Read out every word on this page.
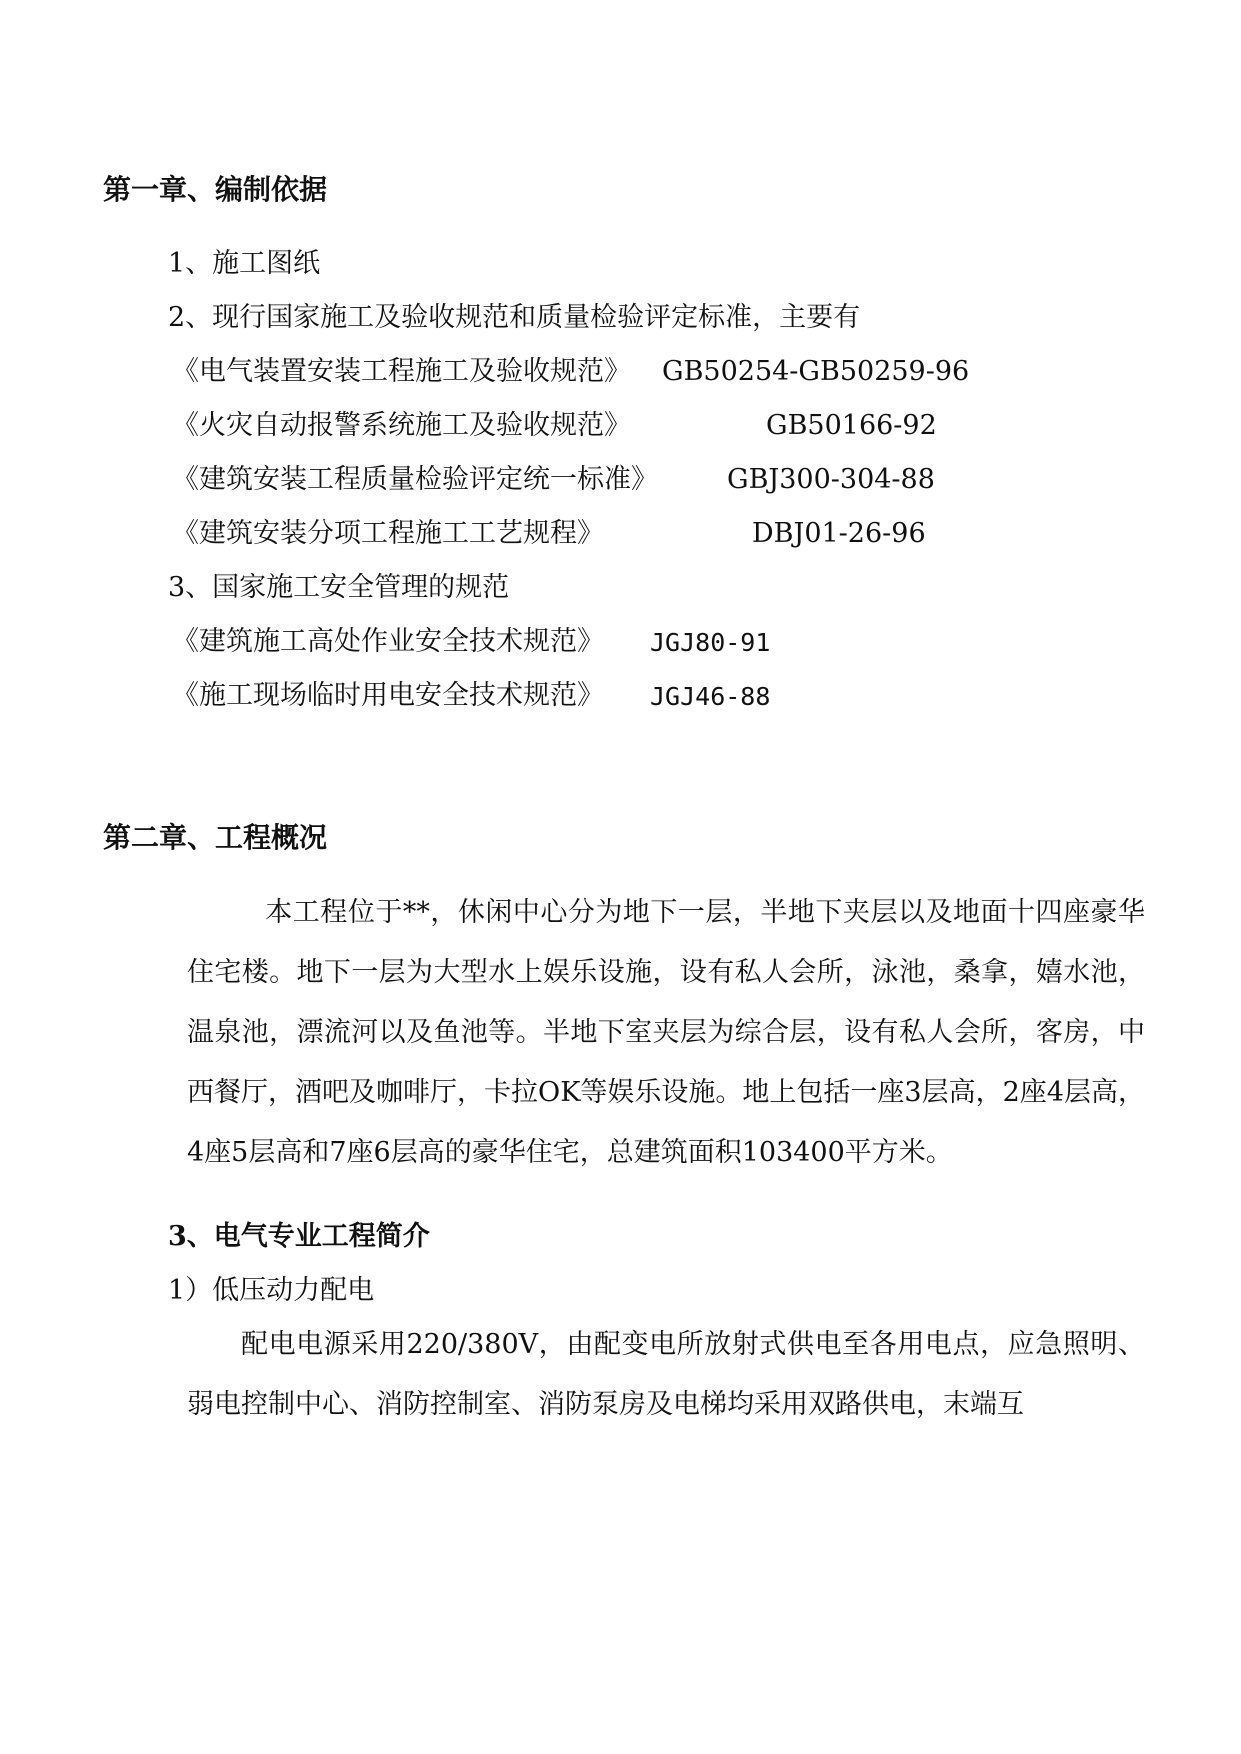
第一章、编制依据
1、施工图纸
2、现行国家施工及验收规范和质量检验评定标准，主要有
《电气装置安装工程施工及验收规范》 GB50254-GB50259-96
《火灾自动报警系统施工及验收规范》	GB50166-92
《建筑安装工程质量检验评定统一标准》	GBJ300-304-88
《建筑安装分项工程施工工艺规程》	DBJ01-26-96
3、国家施工安全管理的规范
《建筑施工高处作业安全技术规范》 JGJ80-91
《施工现场临时用电安全技术规范》 JGJ46-88
第二章、工程概况

本工程位于**，休闲中心分为地下一层，半地下夹层以及地面十四座豪华住宅楼。地下一层为大型水上娱乐设施，设有私人会所，泳池，桑拿，嬉水池，温泉池，漂流河以及鱼池等。半地下室夹层为综合层，设有私人会所，客房，中西餐厅，酒吧及咖啡厅，卡拉OK等娱乐设施。地上包括一座3层高，2座4层高，4座5层高和7座6层高的豪华住宅，总建筑面积103400平方米。

3、电气专业工程简介
1）低压动力配电

配电电源采用220/380V，由配变电所放射式供电至各用电点，应急照明、弱电控制中心、消防控制室、消防泵房及电梯均采用双路供电，末端互
